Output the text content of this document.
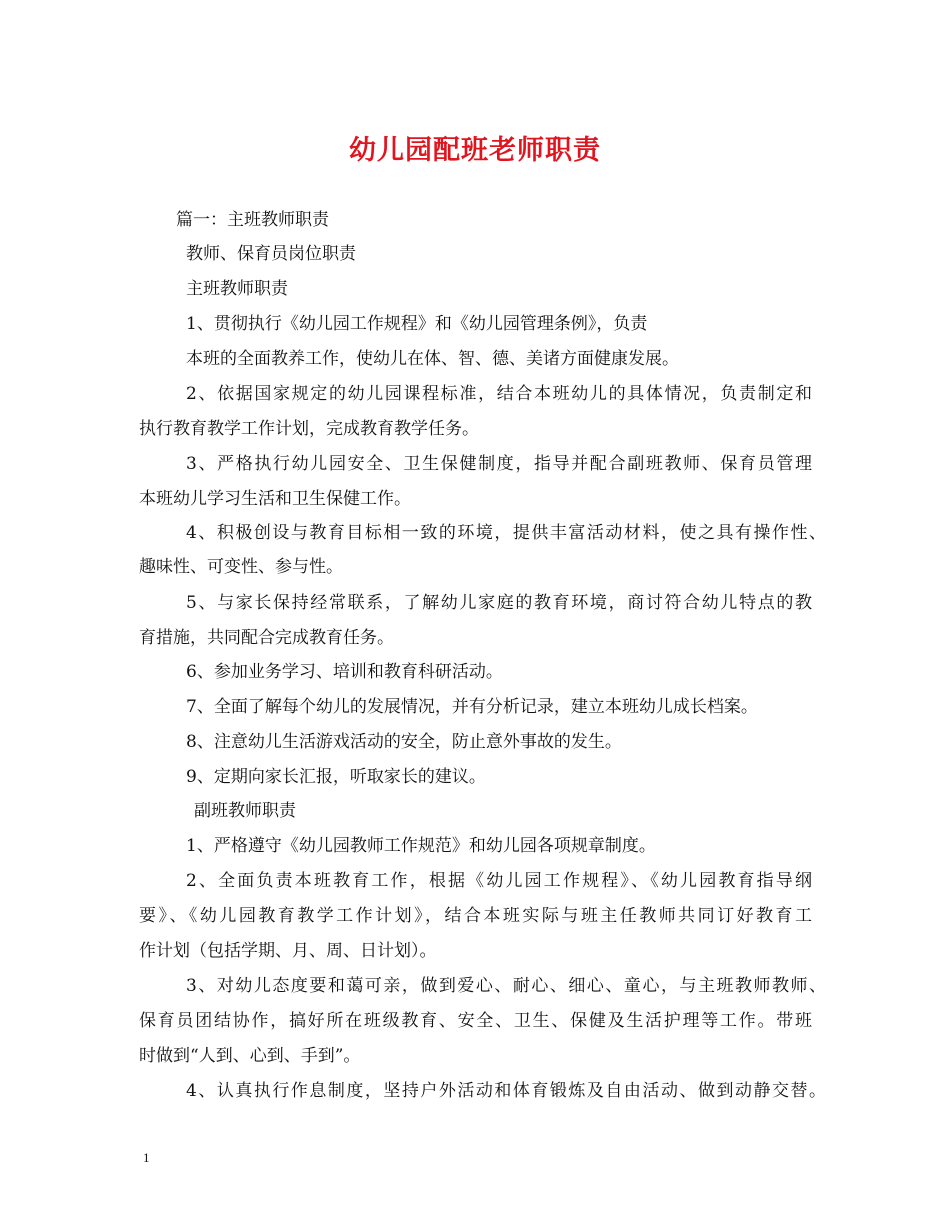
幼儿园配班老师职责
篇一：主班教师职责
教师、保育员岗位职责
主班教师职责
1、贯彻执行《幼儿园工作规程》和《幼儿园管理条例》，负责
本班的全面教养工作，使幼儿在体、智、德、美诸方面健康发展。
2、依据国家规定的幼儿园课程标准，结合本班幼儿的具体情况，负责制定和
执行教育教学工作计划，完成教育教学任务。
3、严格执行幼儿园安全、卫生保健制度，指导并配合副班教师、保育员管理
本班幼儿学习生活和卫生保健工作。
4、积极创设与教育目标相一致的环境，提供丰富活动材料，使之具有操作性、
趣味性、可变性、参与性。
5、与家长保持经常联系，了解幼儿家庭的教育环境，商讨符合幼儿特点的教
育措施，共同配合完成教育任务。
6、参加业务学习、培训和教育科研活动。
7、全面了解每个幼儿的发展情况，并有分析记录，建立本班幼儿成长档案。
8、注意幼儿生活游戏活动的安全，防止意外事故的发生。
9、定期向家长汇报，听取家长的建议。
副班教师职责
1、严格遵守《幼儿园教师工作规范》和幼儿园各项规章制度。
2、全面负责本班教育工作，根据《幼儿园工作规程》、《幼儿园教育指导纲
要》、《幼儿园教育教学工作计划》，结合本班实际与班主任教师共同订好教育工
作计划（包括学期、月、周、日计划）。
3、对幼儿态度要和蔼可亲，做到爱心、耐心、细心、童心，与主班教师教师、
保育员团结协作，搞好所在班级教育、安全、卫生、保健及生活护理等工作。带班
时做到“人到、心到、手到”。
4、认真执行作息制度，坚持户外活动和体育锻炼及自由活动、做到动静交替。
1
